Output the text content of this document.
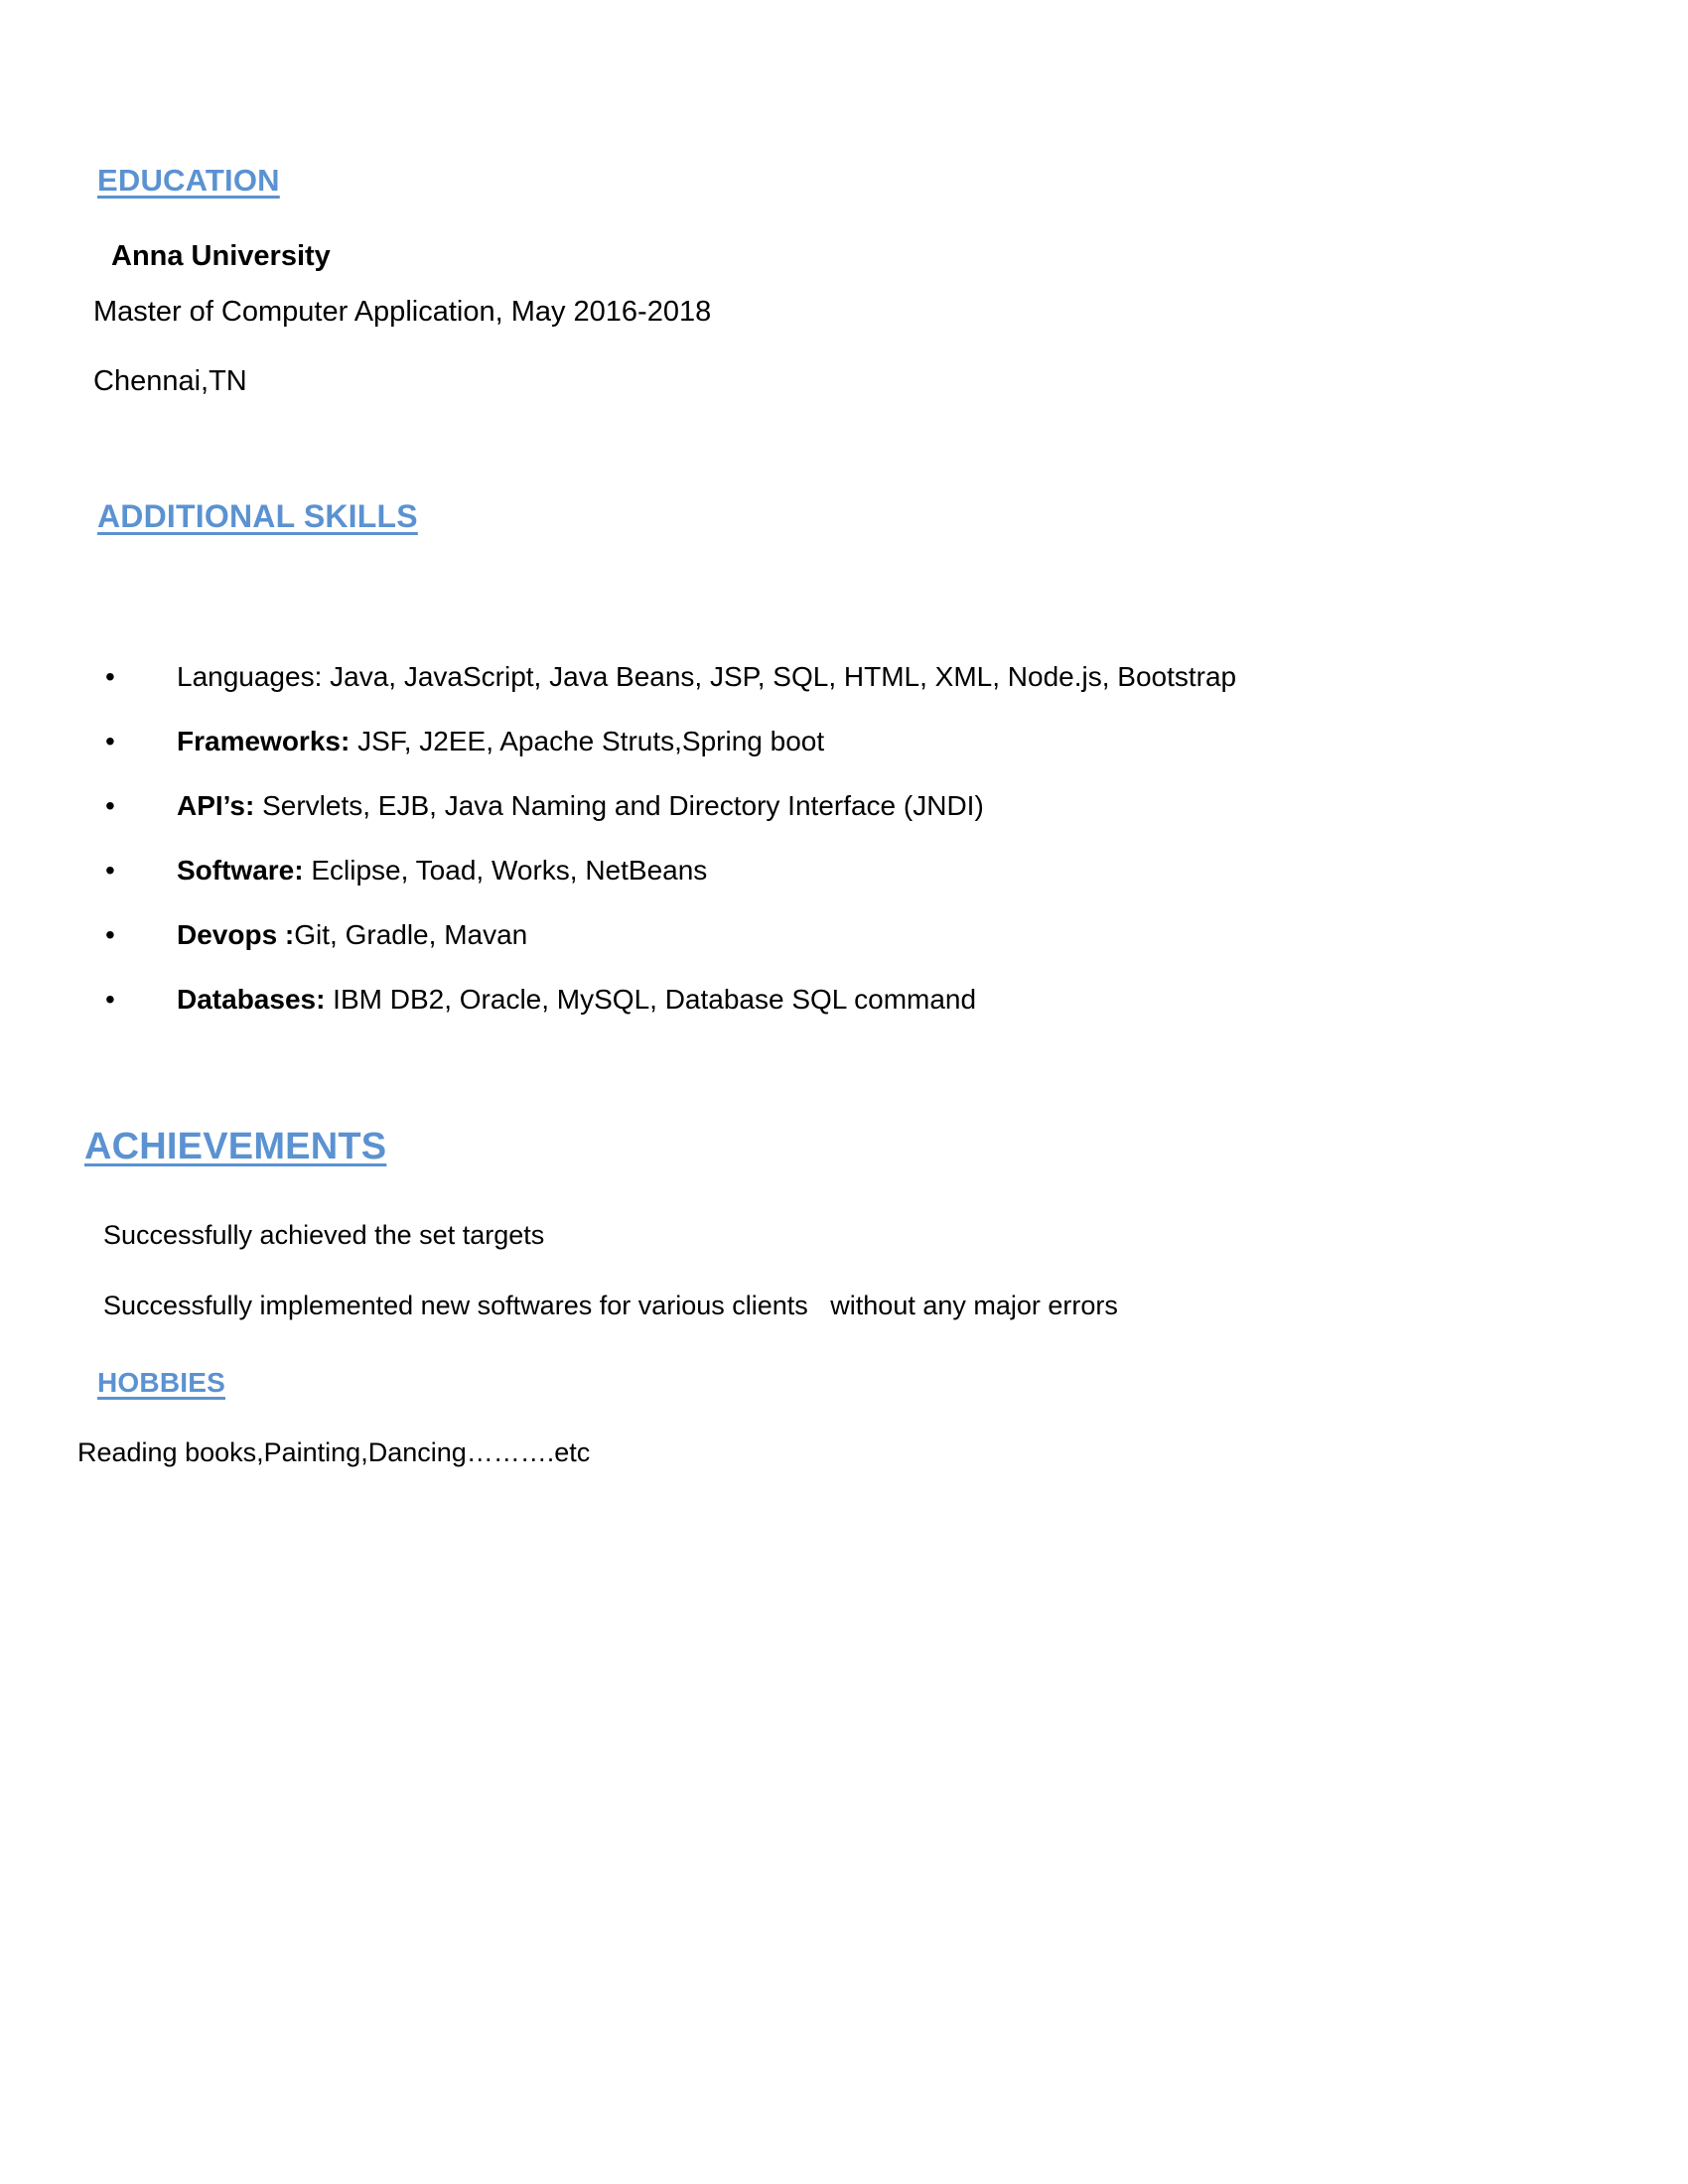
EDUCATION
Anna University
Master of Computer Application, May 2016-2018
Chennai,TN
ADDITIONAL SKILLS
• Languages: Java, JavaScript, Java Beans, JSP, SQL, HTML, XML, Node.js, Bootstrap
• Frameworks: JSF, J2EE, Apache Struts,Spring boot
• API’s: Servlets, EJB, Java Naming and Directory Interface (JNDI)
• Software: Eclipse, Toad, Works, NetBeans
• Devops :Git, Gradle, Mavan
• Databases: IBM DB2, Oracle, MySQL, Database SQL command
ACHIEVEMENTS
Successfully achieved the set targets
Successfully implemented new softwares for various clients   without any major errors
HOBBIES
Reading books,Painting,Dancing……….etc
